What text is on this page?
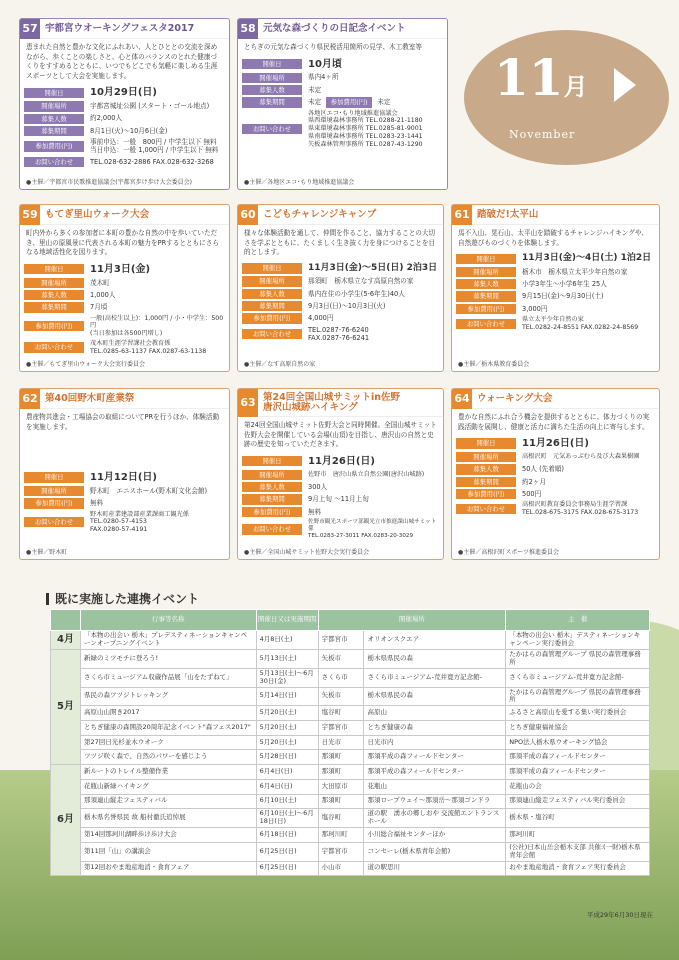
11月
November
57 宇都宮ウオーキングフェスタ2017
恵まれた自然と豊かな文化にふれあい、人とひととの交流を深めながら、歩くことの楽しさと、心と体のバランスのとれた健康づくりをすすめるとともに、いつでもどこでも気軽に楽しめる生涯スポーツとして大会を実施します。
開催日	10月29日(日)
開催場所	宇都宮城址公園 (スタート・ゴール地点)
募集人数	約2,000人
募集期間	8月1日(火)〜10月6日(金)
参加費用(円)
事前申込：一般　800円 / 中学生以下 無料
当日申込：一般 1,000円 / 中学生以下 無料
お問い合わせ	TEL.028-632-2886 FAX.028-632-3268
●主催／宇都宮市民歌推進協議会(宇都宮歩け歩け大会委員会)
58 元気な森づくりの日記念イベント
とちぎの元気な森づくり県民税活用箇所の見学、木工教室等
開催日	10月頃
開催場所	県内4ヶ所
募集人数	未定
募集期間	未定	参加費用(円)	未定
お問い合わせ
各地区エコ･もり地域推進協議会
県西環境森林事務所 TEL.0288-21-1180
県東環境森林事務所 TEL.0285-81-9001
県南環境森林事務所 TEL.0283-23-1441
矢板森林管理事務所 TEL.0287-43-1290
●主催／各地区エコ･もり地域推進協議会
59 もてぎ里山ウォーク大会
町内外から多くの参加者に本町の豊かな自然の中を歩いていただき、里山の原風景に代表される本町の魅力をPRするとともにさらなる地域活性化を図ります。
開催日	11月3日(金)
開催場所	茂木町
募集人数	1,000人
募集期間	7月頃
参加費用(円)
一般(高校生以上)：1,000円 / 小・中学生：500円
(当日参加は各500円増し)
お問い合わせ
茂木町生涯学習課社会教育係
TEL.0285-63-1137 FAX.0287-63-1138
●主催／もてぎ里山ウォーク大会実行委員会
60 こどもチャレンジキャンプ
様々な体験活動を通して、仲間を作ること、協力することの大切さを学ぶとともに、たくましく生き抜く力を身につけることを目的とします。
開催日	11月3日(金)〜5日(日) 2泊3日
開催場所	那須町　栃木県立なす高原自然の家
募集人数	県内在住の小学生(5-6年生)40人
募集期間	9月3日(日)〜10月3日(火)
参加費用(円)	4,000円
お問い合わせ
TEL.0287-76-6240
FAX.0287-76-6241
●主催／なす高原自然の家
61 踏破だ!太平山
馬不入山、晃石山、太平山を踏破するチャレンジハイキングや、自然遊びものづくりを体験します。
開催日	11月3日(金)〜4日(土) 1泊2日
開催場所	栃木市　栃木県立太平少年自然の家
募集人数	小学3年生〜小学6年生 25人
募集期間	9月15日(金)〜9月30日(土)
参加費用(円)	3,000円
お問い合わせ
県立太平少年自然の家
TEL.0282-24-8551 FAX.0282-24-8569
●主催／栃木県教育委員会
62 第40回野木町産業祭
農産物共進会・工場協会の取組についてPRを行うほか、体験活動を実施します。
開催日	11月12日(日)
開催場所	野木町　エニスホール(野木町文化会館)
参加費用(円)	無料
お問い合わせ
野木町産業建設部産業課商工観光係
TEL.0280-57-4153
FAX.0280-57-4191
●主催／野木町
63 第24回全国山城サミットin佐野
唐沢山城跡ハイキング
第24回全国山城サミット佐野大会と同時開催。全国山城サミット佐野大会を開催している会場(山頂)を目指し、唐沢山の自然と史跡の歴史を知っていただきます。
開催日	11月26日(日)
開催場所	佐野市　唐沢山県立自然公園(唐沢山城跡)
募集人数	300人
募集期間	9月上旬 〜11月上旬
参加費用(円)	無料
お問い合わせ
佐野市観光スポーツ部観光立市推進課山城サミット係
TEL.0283-27-3011 FAX.0283-20-3029
●主催／全国山城サミット佐野大会実行委員会
64 ウォーキング大会
豊かな自然にふれ合う機会を提供するとともに、体力づくりの実践活動を展開し、健康と活力に満ちた生活の向上に寄与します。
開催日	11月26日(日)
開催場所	高根沢町　元気あっぷむら及び大森果樹園
募集人数	50人 (先着順)
募集期間	約2ヶ月
参加費用(円)	500円
お問い合わせ
高根沢町教育委員会事務局生涯学習課
TEL.028-675-3175 FAX.028-675-3173
●主催／高根沢町スポーツ推進委員会
既に実施した連携イベント
	行事等名称	開催日又は実施期間	開催場所		主　催
4月	「本物の出会い 栃木」プレデスティネーションキャンペーンオープニングイベント	4月8日(土)	宇都宮市	オリオンスクエア	「本物の出会い 栃木」デスティネーションキャンペーン実行委員会
5月	新緑のミツモチに登ろう!	5月13日(土)	矢板市	栃木県県民の森	たかはらの森管理グループ 県民の森管理事務所
	さくら市ミュージアム収蔵作品展「山をたずねて」	5月13日(土)〜6月30日(金)	さくら市	さくら市ミュージアム-荒井寛方記念館-	さくら市ミュージアム-荒井寛方記念館-
	県民の森ツツジトレッキング	5月14日(日)	矢板市	栃木県県民の森	たかはらの森管理グループ 県民の森管理事務所
	高原山山開き2017	5月20日(土)	塩谷町	高原山	ふるさと高原山を愛する集い実行委員会
	とちぎ健康の森開設20周年記念イベント"森フェス2017"	5月20日(土)	宇都宮市	とちぎ健康の森	とちぎ健康福祉協会
	第27回日光杉並木ウオーク	5月20日(土)	日光市	日光市内	NPO法人栃木県ウオーキング協会
	ツツジ咲く森で、自然のパワーを感じよう	5月28日(日)	那須町	那須平成の森フィールドセンター	那須平成の森フィールドセンター
6月	新ルートのトレイル整備作業	6月4日(日)	那須町	那須平成の森フィールドセンター	那須平成の森フィールドセンター
	花瓶山新緑ハイキング	6月4日(日)	大田原市	花瓶山	花瓶山の会
	那須連山縦走フェスティバル	6月10日(土)	那須町	那須ロープウェイ〜那須岳〜那須ゴンドラ	那須連山縦走フェスティバル実行委員会
	栃木県名誉県民 故 船村徹氏追悼展	6月10日(土)〜6月18日(日)	塩谷町	道の駅　湧水の郷しおや 交流館エントランスホール	栃木県・塩谷町
	第14回那珂川湖畔歩け歩け大会	6月18日(日)	那珂川町	小川総合福祉センターほか	那珂川町
	第11回「山」の講演会	6月25日(日)	宇都宮市	コンセーレ(栃木県青年会館)	(公社)日本山岳会栃木支部 共催:(一財)栃木県青年会館
	第12回おやま地産地消・食育フェア	6月25日(日)	小山市	道の駅思川	おやま地産地消・食育フェア実行委員会
平成29年6月30日現在
